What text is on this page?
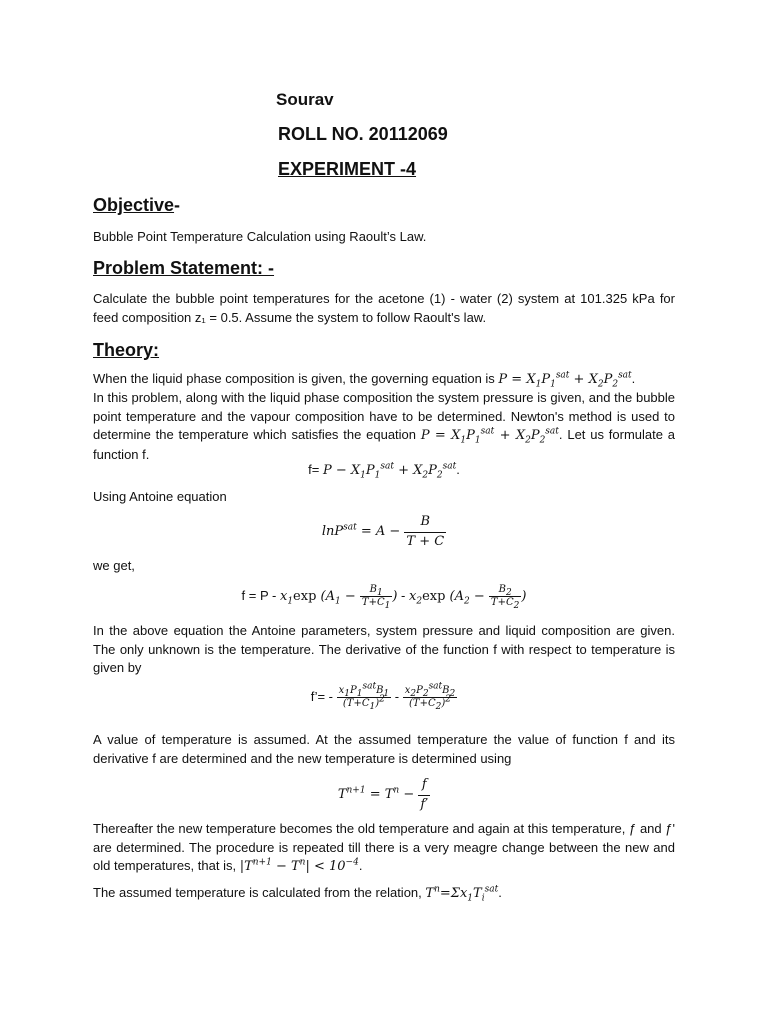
Sourav
ROLL NO. 20112069
EXPERIMENT -4
Objective-
Bubble Point Temperature Calculation using Raoult’s Law.
Problem Statement: -
Calculate the bubble point temperatures for the acetone (1) - water (2) system at 101.325 kPa for feed composition z₁ = 0.5. Assume the system to follow Raoult's law.
Theory:
When the liquid phase composition is given, the governing equation is $P = X_1P_1^{sat} + X_2P_2^{sat}$.
In this problem, along with the liquid phase composition the system pressure is given, and the bubble point temperature and the vapour composition have to be determined. Newton's method is used to determine the temperature which satisfies the equation $P = X_1P_1^{sat} + X_2P_2^{sat}$. Let us formulate a function f.
$f= P - X_1P_1^{sat} + X_2P_2^{sat}$.
Using Antoine equation
$\ln P^{sat} = A - \frac{B}{T + C}$
we get,
$f = P - x_1\exp$ ($A_1 - \frac{B_1}{T+C_1}$ ) - $x_2\exp$ ($A_2 - \frac{B_2}{T+C_2}$ )
In the above equation the Antoine parameters, system pressure and liquid composition are given. The only unknown is the temperature. The derivative of the function f with respect to temperature is given by
f’= - $\frac{x_1P_1^{sat}B_1}{(T+C_1)^2} - \frac{x_2P_2^{sat}B_2}{(T+C_2)^2}$
A value of temperature is assumed. At the assumed temperature the value of function f and its derivative f are determined and the new temperature is determined using
$T^{n+1} = T^n - \frac{f}{f'}$
Thereafter the new temperature becomes the old temperature and again at this temperature, ƒ and ƒ' are determined. The procedure is repeated till there is a very meagre change between the new and old temperatures, that is, $|T^{n+1} - T^n| < 10^{-4}$.
The assumed temperature is calculated from the relation, $T^n=\Sigma x_1T_i^{sat}$.
